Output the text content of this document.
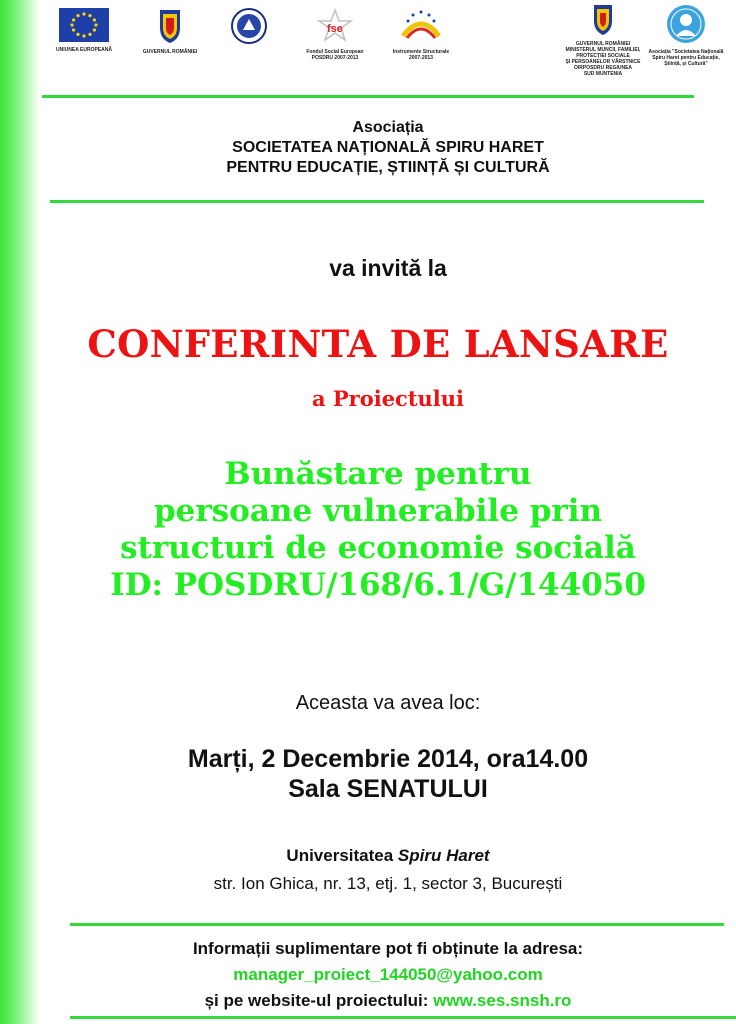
UNIUNEA EUROPEANĂ	GUVERNUL ROMÂNIEI
fse
Fondul Social European
POSDRU 2007-2013
Instrumente Structurale
2007-2013
GUVERNUL ROMÂNIEI
MINISTERUL MUNCII, FAMILIEI,
PROTECȚIEI SOCIALE
ȘI PERSOANELOR VÂRSTNICE
OIRPOSDRU REGIUNEA
SUD MUNTENIA
Asociația "Societatea Națională
Spiru Haret pentru Educație,
Știință, și Cultură"
Asociația
SOCIETATEA NAȚIONALĂ SPIRU HARET
PENTRU EDUCAȚIE, ȘTIINȚĂ ȘI CULTURĂ
va invită la
CONFERINTA DE LANSARE
a Proiectului
Bunăstare pentru
persoane vulnerabile prin
structuri de economie socială
ID: POSDRU/168/6.1/G/144050
Aceasta va avea loc:
Marți, 2 Decembrie 2014, ora14.00
Sala SENATULUI
Universitatea Spiru Haret
str. Ion Ghica, nr. 13, etj. 1, sector 3, București
Informații suplimentare pot fi obținute la adresa:
manager_proiect_144050@yahoo.com
și pe website-ul proiectului: www.ses.snsh.ro
